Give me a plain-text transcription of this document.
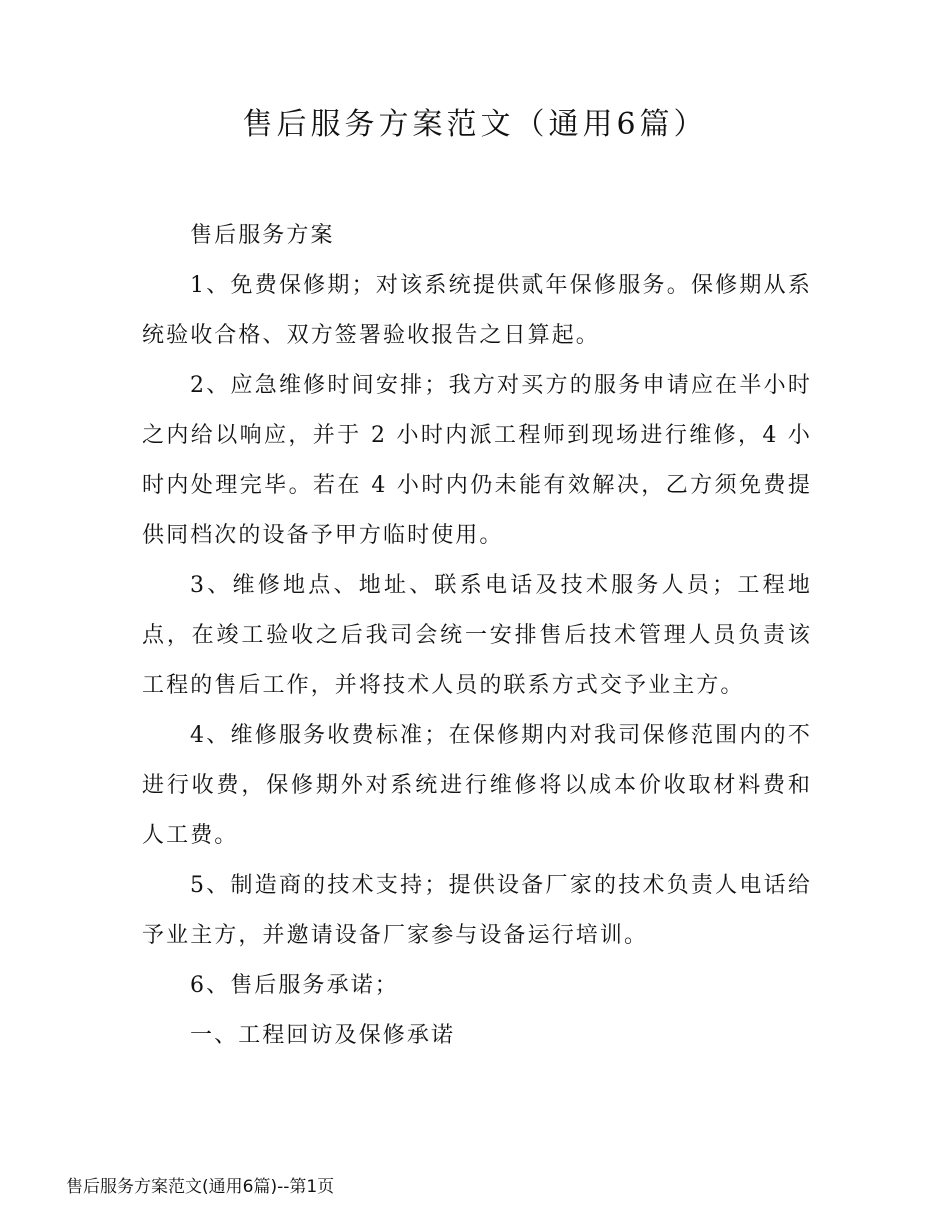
售后服务方案范文（通用6篇）

售后服务方案

1、免费保修期；对该系统提供贰年保修服务。保修期从系统验收合格、双方签署验收报告之日算起。

2、应急维修时间安排；我方对买方的服务申请应在半小时之内给以响应，并于 2 小时内派工程师到现场进行维修，4 小时内处理完毕。若在 4 小时内仍未能有效解决，乙方须免费提供同档次的设备予甲方临时使用。

3、维修地点、地址、联系电话及技术服务人员；工程地点，在竣工验收之后我司会统一安排售后技术管理人员负责该工程的售后工作，并将技术人员的联系方式交予业主方。

4、维修服务收费标准；在保修期内对我司保修范围内的不进行收费，保修期外对系统进行维修将以成本价收取材料费和人工费。

5、制造商的技术支持；提供设备厂家的技术负责人电话给予业主方，并邀请设备厂家参与设备运行培训。

6、售后服务承诺；

一、工程回访及保修承诺

售后服务方案范文(通用6篇)--第1页
